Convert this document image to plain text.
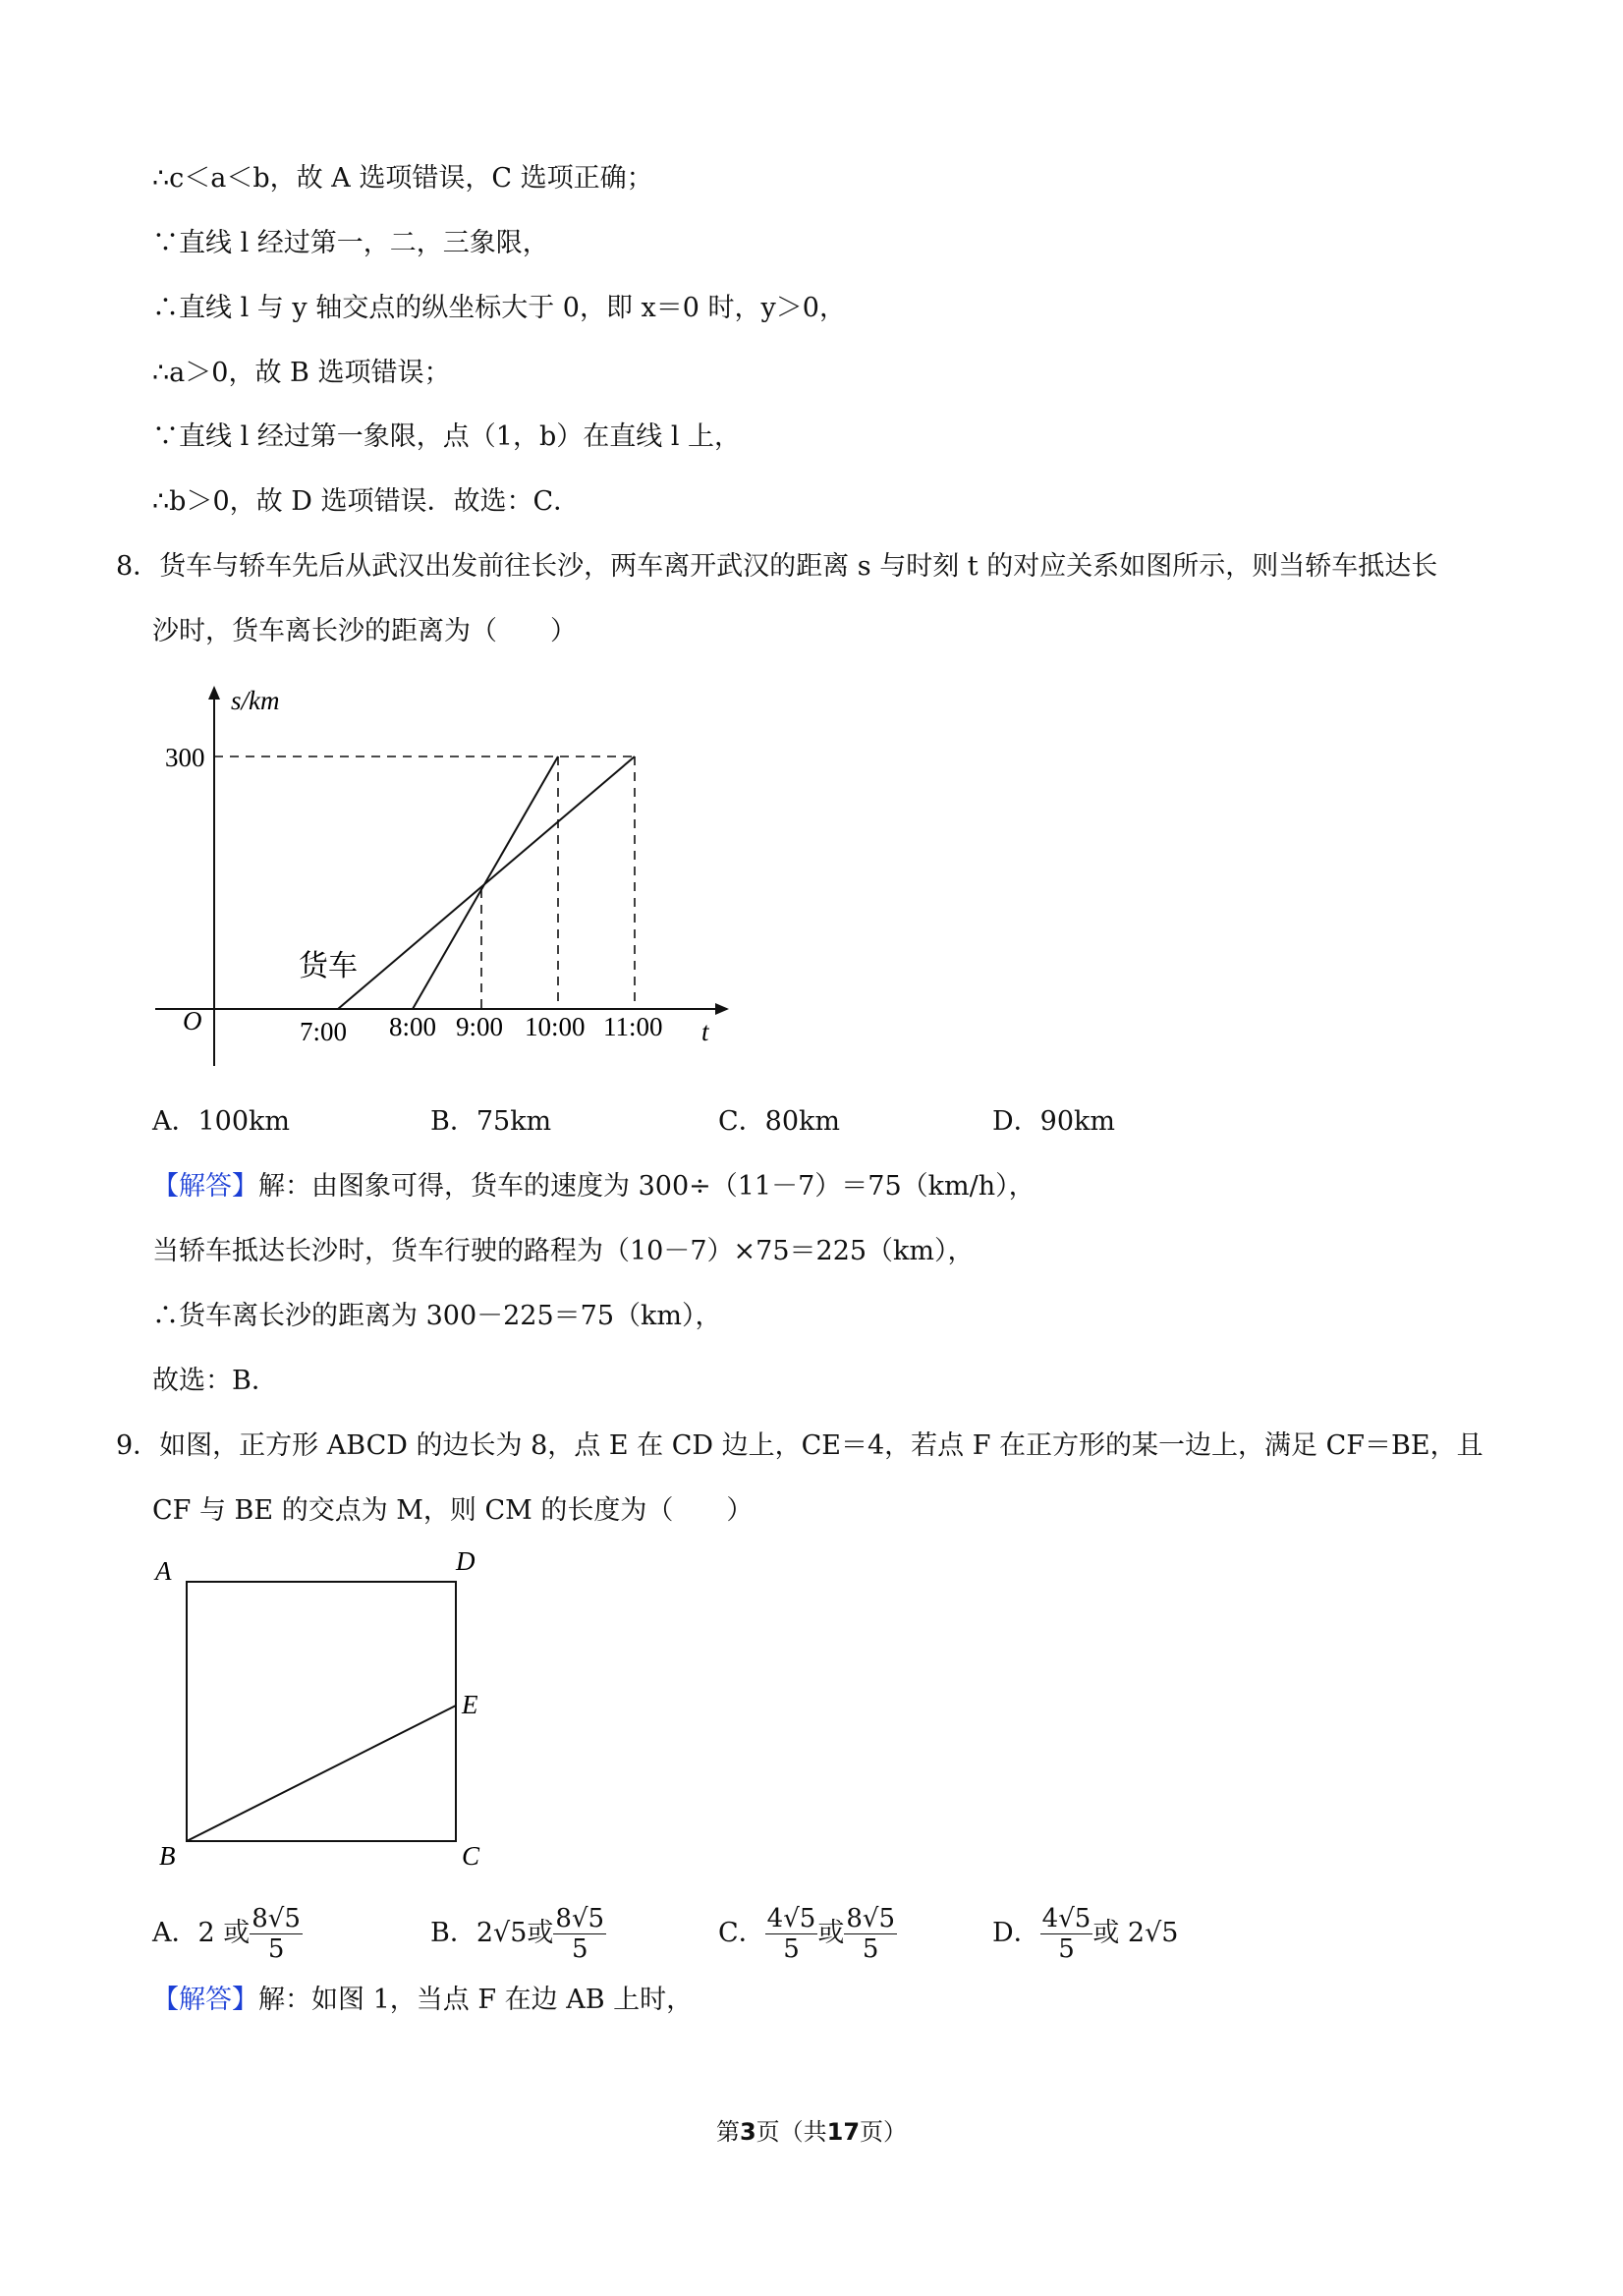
∴c＜a＜b，故 A 选项错误，C 选项正确；
∵直线 l 经过第一，二，三象限，
∴直线 l 与 y 轴交点的纵坐标大于 0，即 x＝0 时，y＞0，
∴a＞0，故 B 选项错误；
∵直线 l 经过第一象限，点（1，b）在直线 l 上，
∴b＞0，故 D 选项错误．故选：C．
8．货车与轿车先后从武汉出发前往长沙，两车离开武汉的距离 s 与时刻 t 的对应关系如图所示，则当轿车抵达长
沙时，货车离长沙的距离为（　　）
s/km
300
O	t
7:00 8:00 9:00 10:00 11:00
货车
A．100km	B．75km	C．80km	D．90km
【解答】解：由图象可得，货车的速度为 300÷（11－7）＝75（km/h），
当轿车抵达长沙时，货车行驶的路程为（10－7）×75＝225（km），
∴货车离长沙的距离为 300－225＝75（km），
故选：B．
9．如图，正方形 ABCD 的边长为 8，点 E 在 CD 边上，CE＝4，若点 F 在正方形的某一边上，满足 CF＝BE，且
CF 与 BE 的交点为 M，则 CM 的长度为（　　）
A	D
E
B	C
A．2 或 $\frac{8√5}{5}$	B．2√5或 $\frac{8√5}{5}$	C． $\frac{4√5}{5}$ 或 $\frac{8√5}{5}$	D． $\frac{4√5}{5}$ 或 2√5
【解答】解：如图 1，当点 F 在边 AB 上时，
第3页（共17页）
